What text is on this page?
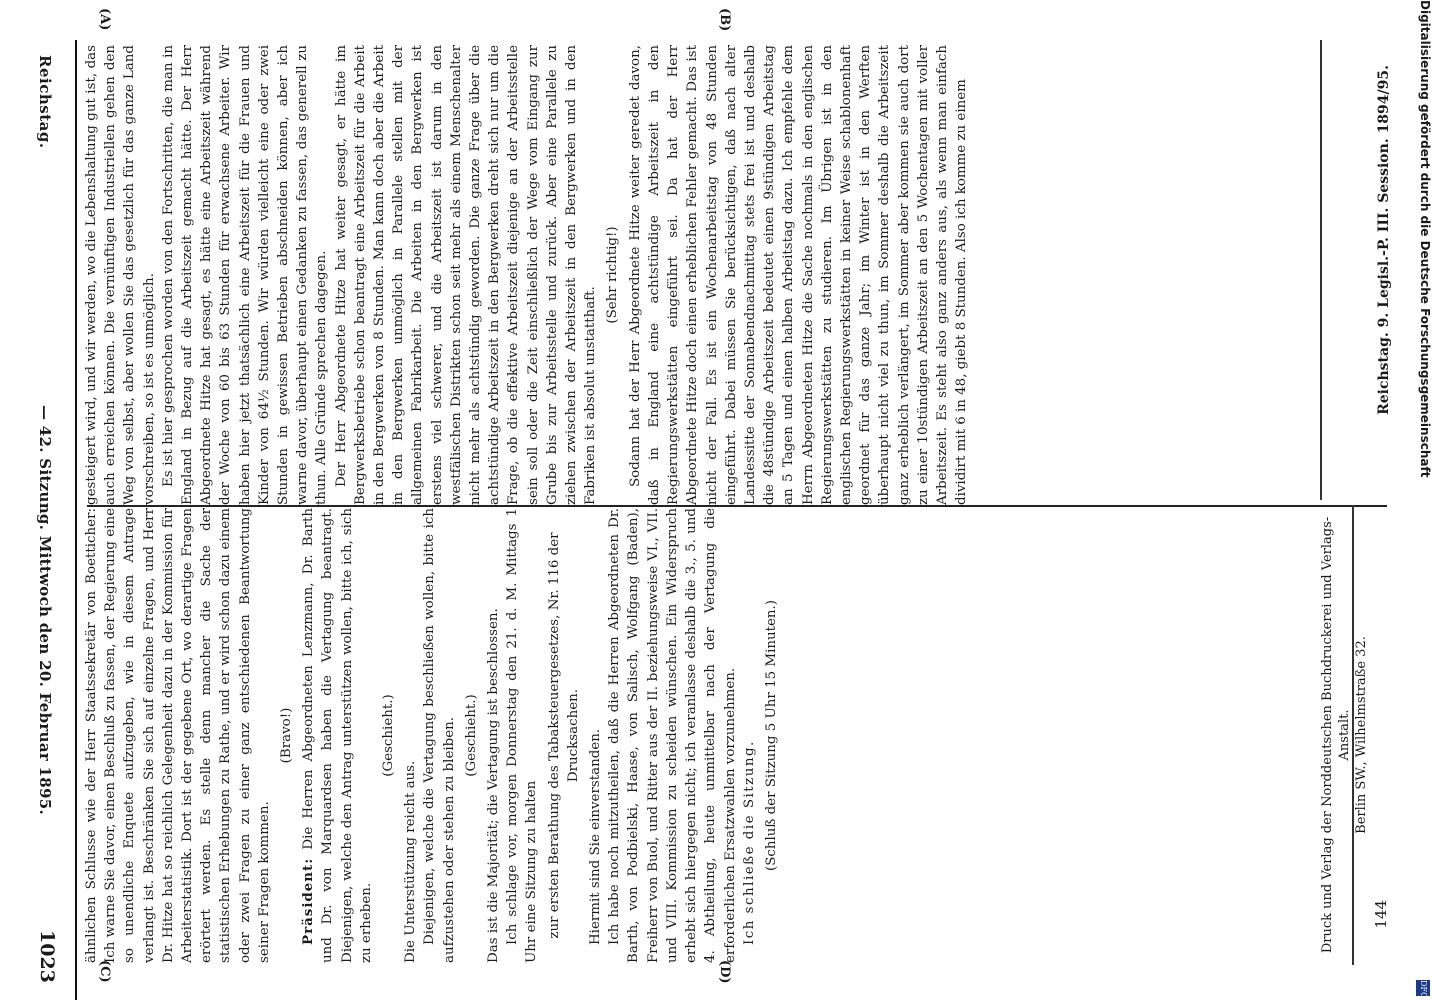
Reichstag.
— 42. Sitzung. Mittwoch den 20. Februar 1895.
1023
(A)	(B)
(C)	(D)

gesteigert wird, und wir werden, wo die Lebenshaltung gut ist, das auch erreichen können. Die vernünftigen Industriellen gehen den Weg von selbst, aber wollen Sie das gesetzlich für das ganze Land vorschreiben, so ist es unmöglich. Es ist hier gesprochen worden von den Fortschritten, die man in England in Bezug auf die Arbeitszeit gemacht hätte. Der Herr Abgeordnete Hitze hat gesagt, es hätte eine Arbeitszeit während der Woche von 60 bis 63 Stunden für erwachsene Arbeiter. Wir haben hier jetzt thatsächlich eine Arbeitszeit für die Frauen und Kinder von 64½ Stunden. Wir würden vielleicht eine oder zwei Stunden in gewissen Betrieben abschneiden können, aber ich warne davor, überhaupt einen Gedanken zu fassen, das generell zu thun. Alle Gründe sprechen dagegen. Der Herr Abgeordnete Hitze hat weiter gesagt, er hätte im Bergwerksbetriebe schon beantragt eine Arbeitszeit für die Arbeit in den Bergwerken von 8 Stunden. Man kann doch aber die Arbeit in den Bergwerken unmöglich in Parallele stellen mit der allgemeinen Fabrikarbeit. Die Arbeiten in den Bergwerken ist erstens viel schwerer, und die Arbeitszeit ist darum in den westfälischen Distrikten schon seit mehr als einem Menschenalter nicht mehr als achtstündig geworden. Die ganze Frage über die achtstündige Arbeitszeit in den Bergwerken dreht sich nur um die Frage, ob die effektive Arbeitszeit diejenige an der Arbeitsstelle sein soll oder die Zeit einschließlich der Wege vom Eingang zur Grube bis zur Arbeitsstelle und zurück. Aber eine Parallele zu ziehen zwischen der Arbeitszeit in den Bergwerken und in den Fabriken ist absolut unstatthaft.

(Sehr richtig!) Sodann hat der Herr Abgeordnete Hitze weiter geredet davon, daß in England eine achtstündige Arbeitszeit in den Regierungswerkstätten eingeführt sei. Da hat der Herr Abgeordnete Hitze doch einen erheblichen Fehler gemacht. Das ist nicht der Fall. Es ist ein Wochenarbeitstag von 48 Stunden eingeführt. Dabei müssen Sie berücksichtigen, daß nach alter Landessitte der Sonnabendnachmittag stets frei ist und deshalb die 48stündige Arbeitszeit bedeutet einen 9stündigen Arbeitstag an 5 Tagen und einen halben Arbeitstag dazu. Ich empfehle dem Herrn Abgeordneten Hitze die Sache nochmals in den englischen Regierungswerkstätten zu studieren. Im Übrigen ist in den englischen Regierungswerkstätten in keiner Weise schablonenhaft geordnet für das ganze Jahr; im Winter ist in den Werften überhaupt nicht viel zu thun, im Sommer deshalb die Arbeitszeit ganz erheblich verlängert, im Sommer aber kommen sie auch dort zu einer 10stündigen Arbeitszeit an den 5 Wochentagen mit voller Arbeitszeit. Es steht also ganz anders aus, als wenn man einfach dividirt mit 6 in 48, giebt 8 Stunden. Also ich komme zu einem

ähnlichen Schlusse wie der Herr Staatssekretär von Boetticher: Ich warne Sie davor, einen Beschluß zu fassen, der Regierung eine so unendliche Enquete aufzugeben, wie in diesem Antrage verlangt ist. Beschränken Sie sich auf einzelne Fragen, und Herr Dr. Hitze hat so reichlich Gelegenheit dazu in der Kommission für Arbeiterstatistik. Dort ist der gegebene Ort, wo derartige Fragen erörtert werden. Es stelle denn mancher die Sache der statistischen Erhebungen zu Rathe, und er wird schon dazu einem oder zwei Fragen zu einer ganz entschiedenen Beantwortung seiner Fragen kommen.

(Bravo!)

Präsident: Die Herren Abgeordneten Lenzmann, Dr. Barth und Dr. von Marquardsen haben die Vertagung beantragt. Diejenigen, welche den Antrag unterstützen wollen, bitte ich, sich zu erheben.

(Geschieht.)

Die Unterstützung reicht aus. Diejenigen, welche die Vertagung beschließen wollen, bitte ich aufzustehen oder stehen zu bleiben. (Geschieht.) Das ist die Majorität; die Vertagung ist beschlossen. Ich schlage vor, morgen Donnerstag den 21. d. M. Mittags 1 Uhr eine Sitzung zu halten zur ersten Berathung des Tabaksteuergesetzes, Nr. 116 der Drucksachen. Hiermit sind Sie einverstanden. Ich habe noch mitzutheilen, daß die Herren Abgeordneten Dr. Barth, von Podbielski, Haase, von Salisch, Wolfgang (Baden), Freiherr von Buol, und Ritter aus der II. beziehungsweise VI., VII. und VIII. Kommission zu scheiden wünschen. Ein Widerspruch erhebt sich hiergegen nicht; ich veranlasse deshalb die 3., 5. und 4. Abtheilung, heute unmittelbar nach der Vertagung die erforderlichen Ersatzwahlen vorzunehmen. Ich schließe die Sitzung. (Schluß der Sitzung 5 Uhr 15 Minuten.)

Reichstag. 9. Legisl.-P. III. Session. 1894/95.
Druck und Verlag der Norddeutschen Buchdruckerei und Verlags-Anstalt. Berlin SW., Wilhelmstraße 32.
144
Digitalisierung gefördert durch die Deutsche Forschungsgemeinschaft
DFG
